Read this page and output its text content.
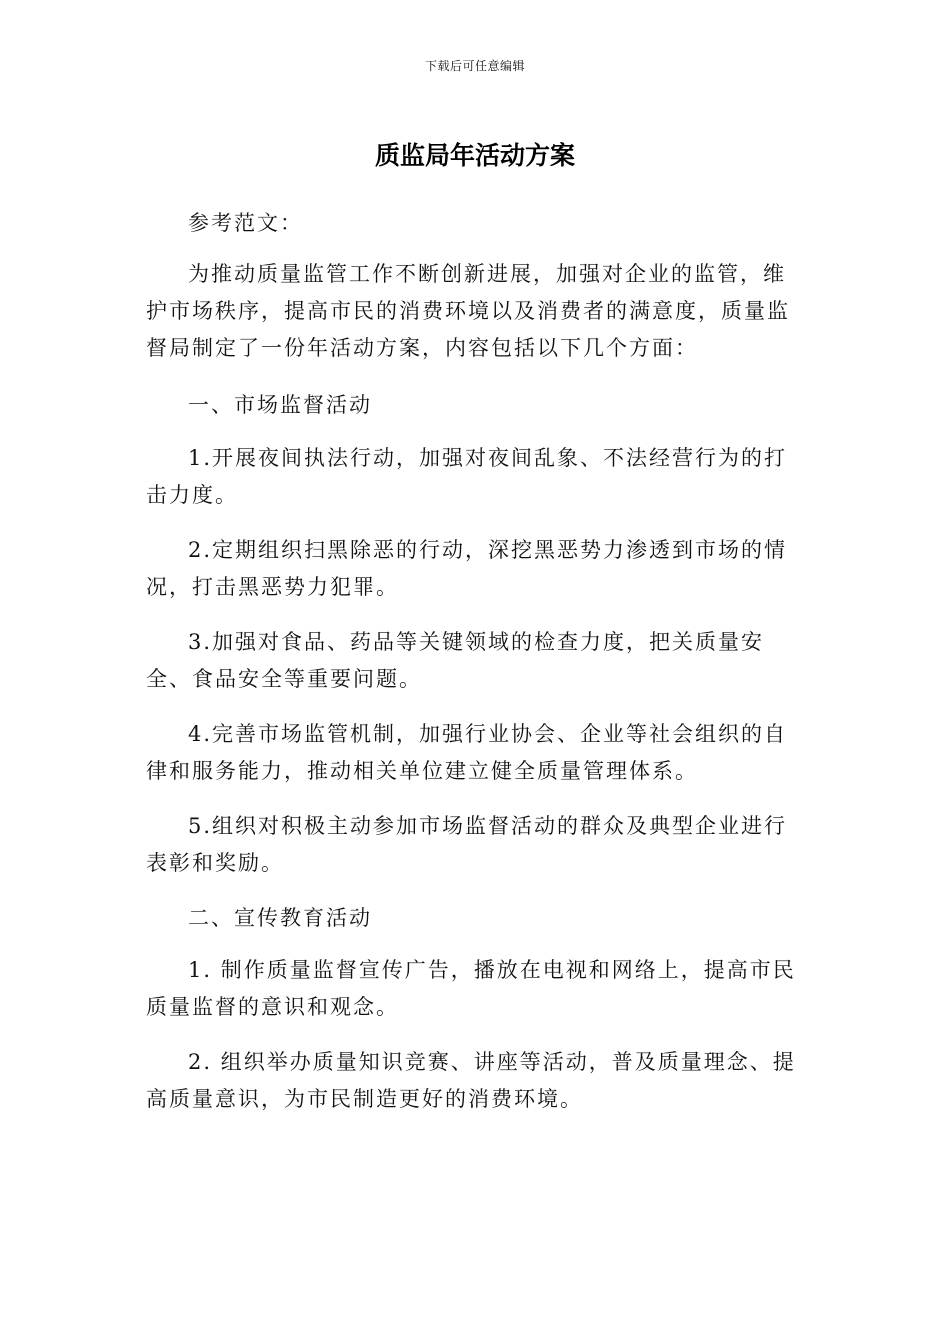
下载后可任意编辑
质监局年活动方案

参考范文：

为推动质量监管工作不断创新进展，加强对企业的监管，维护市场秩序，提高市民的消费环境以及消费者的满意度，质量监督局制定了一份年活动方案，内容包括以下几个方面：

一、市场监督活动

1.开展夜间执法行动，加强对夜间乱象、不法经营行为的打击力度。

2.定期组织扫黑除恶的行动，深挖黑恶势力渗透到市场的情况，打击黑恶势力犯罪。

3.加强对食品、药品等关键领域的检查力度，把关质量安全、食品安全等重要问题。

4.完善市场监管机制，加强行业协会、企业等社会组织的自律和服务能力，推动相关单位建立健全质量管理体系。

5.组织对积极主动参加市场监督活动的群众及典型企业进行表彰和奖励。

二、宣传教育活动

1. 制作质量监督宣传广告，播放在电视和网络上，提高市民质量监督的意识和观念。

2. 组织举办质量知识竞赛、讲座等活动，普及质量理念、提高质量意识，为市民制造更好的消费环境。
